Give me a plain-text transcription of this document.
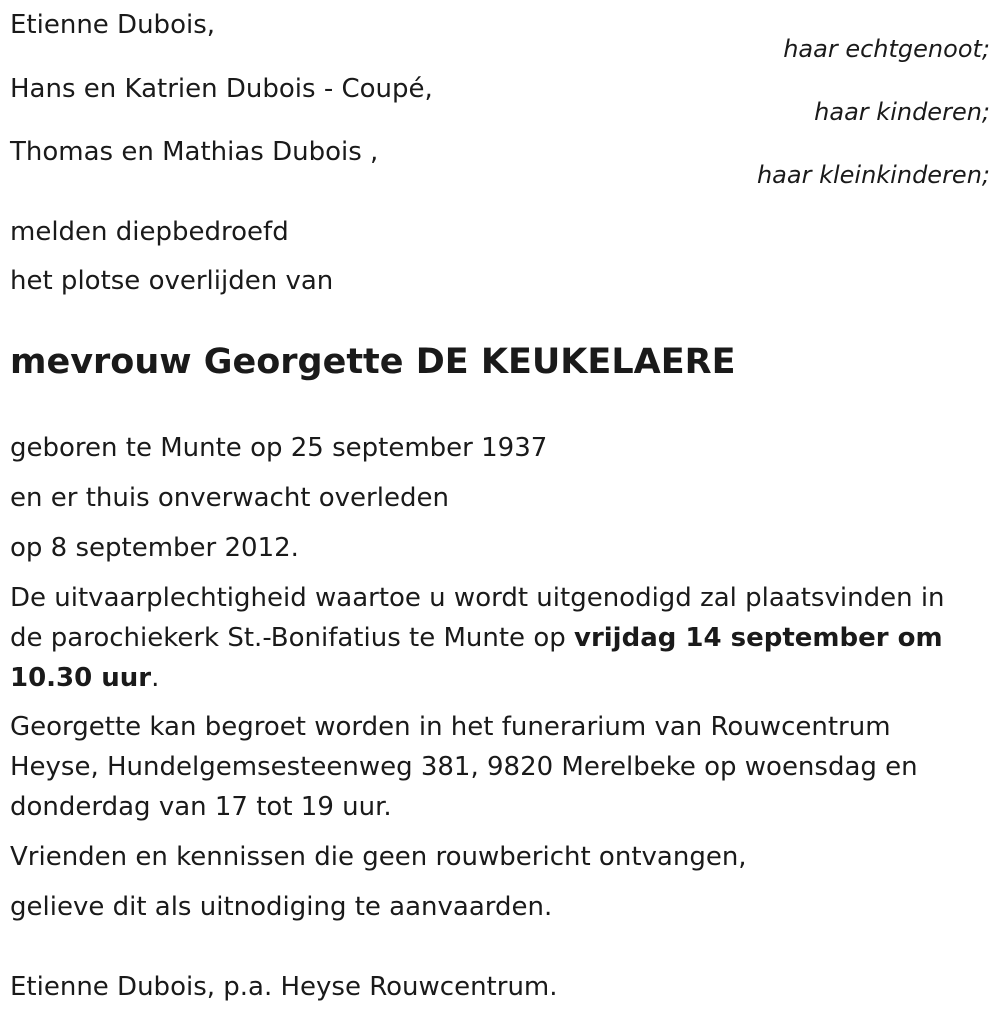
Etienne Dubois,
haar echtgenoot;
Hans en Katrien Dubois - Coupé,
haar kinderen;
Thomas en Mathias Dubois ,
haar kleinkinderen;
melden diepbedroefd
het plotse overlijden van
mevrouw Georgette DE KEUKELAERE
geboren te Munte op 25 september 1937
en er thuis onverwacht overleden
op 8 september 2012.
De uitvaarplechtigheid waartoe u wordt uitgenodigd zal plaatsvinden in de parochiekerk St.-Bonifatius te Munte op vrijdag 14 september om 10.30 uur.
Georgette kan begroet worden in het funerarium van Rouwcentrum Heyse, Hundelgemsesteenweg 381, 9820 Merelbeke op woensdag en donderdag van 17 tot 19 uur.
Vrienden en kennissen die geen rouwbericht ontvangen,
gelieve dit als uitnodiging te aanvaarden.
Etienne Dubois, p.a. Heyse Rouwcentrum.
